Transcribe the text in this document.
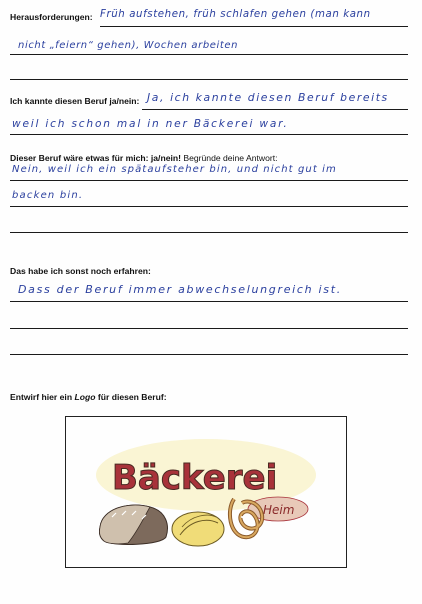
Herausforderungen: Früh aufstehen, früh schlafen gehen (man kann
nicht „feiern“ gehen), Wochen arbeiten
Ich kannte diesen Beruf ja/nein: Ja, ich kannte diesen Beruf bereits
weil ich schon mal in ner Bäckerei war.
Dieser Beruf wäre etwas für mich: ja/nein! Begründe deine Antwort:
Nein, weil ich ein spätaufsteher bin, und nicht gut im
backen bin.
Das habe ich sonst noch erfahren:
Dass der Beruf immer abwechselungreich ist.
Entwirf hier ein Logo für diesen Beruf:
Bäckerei
Heim
